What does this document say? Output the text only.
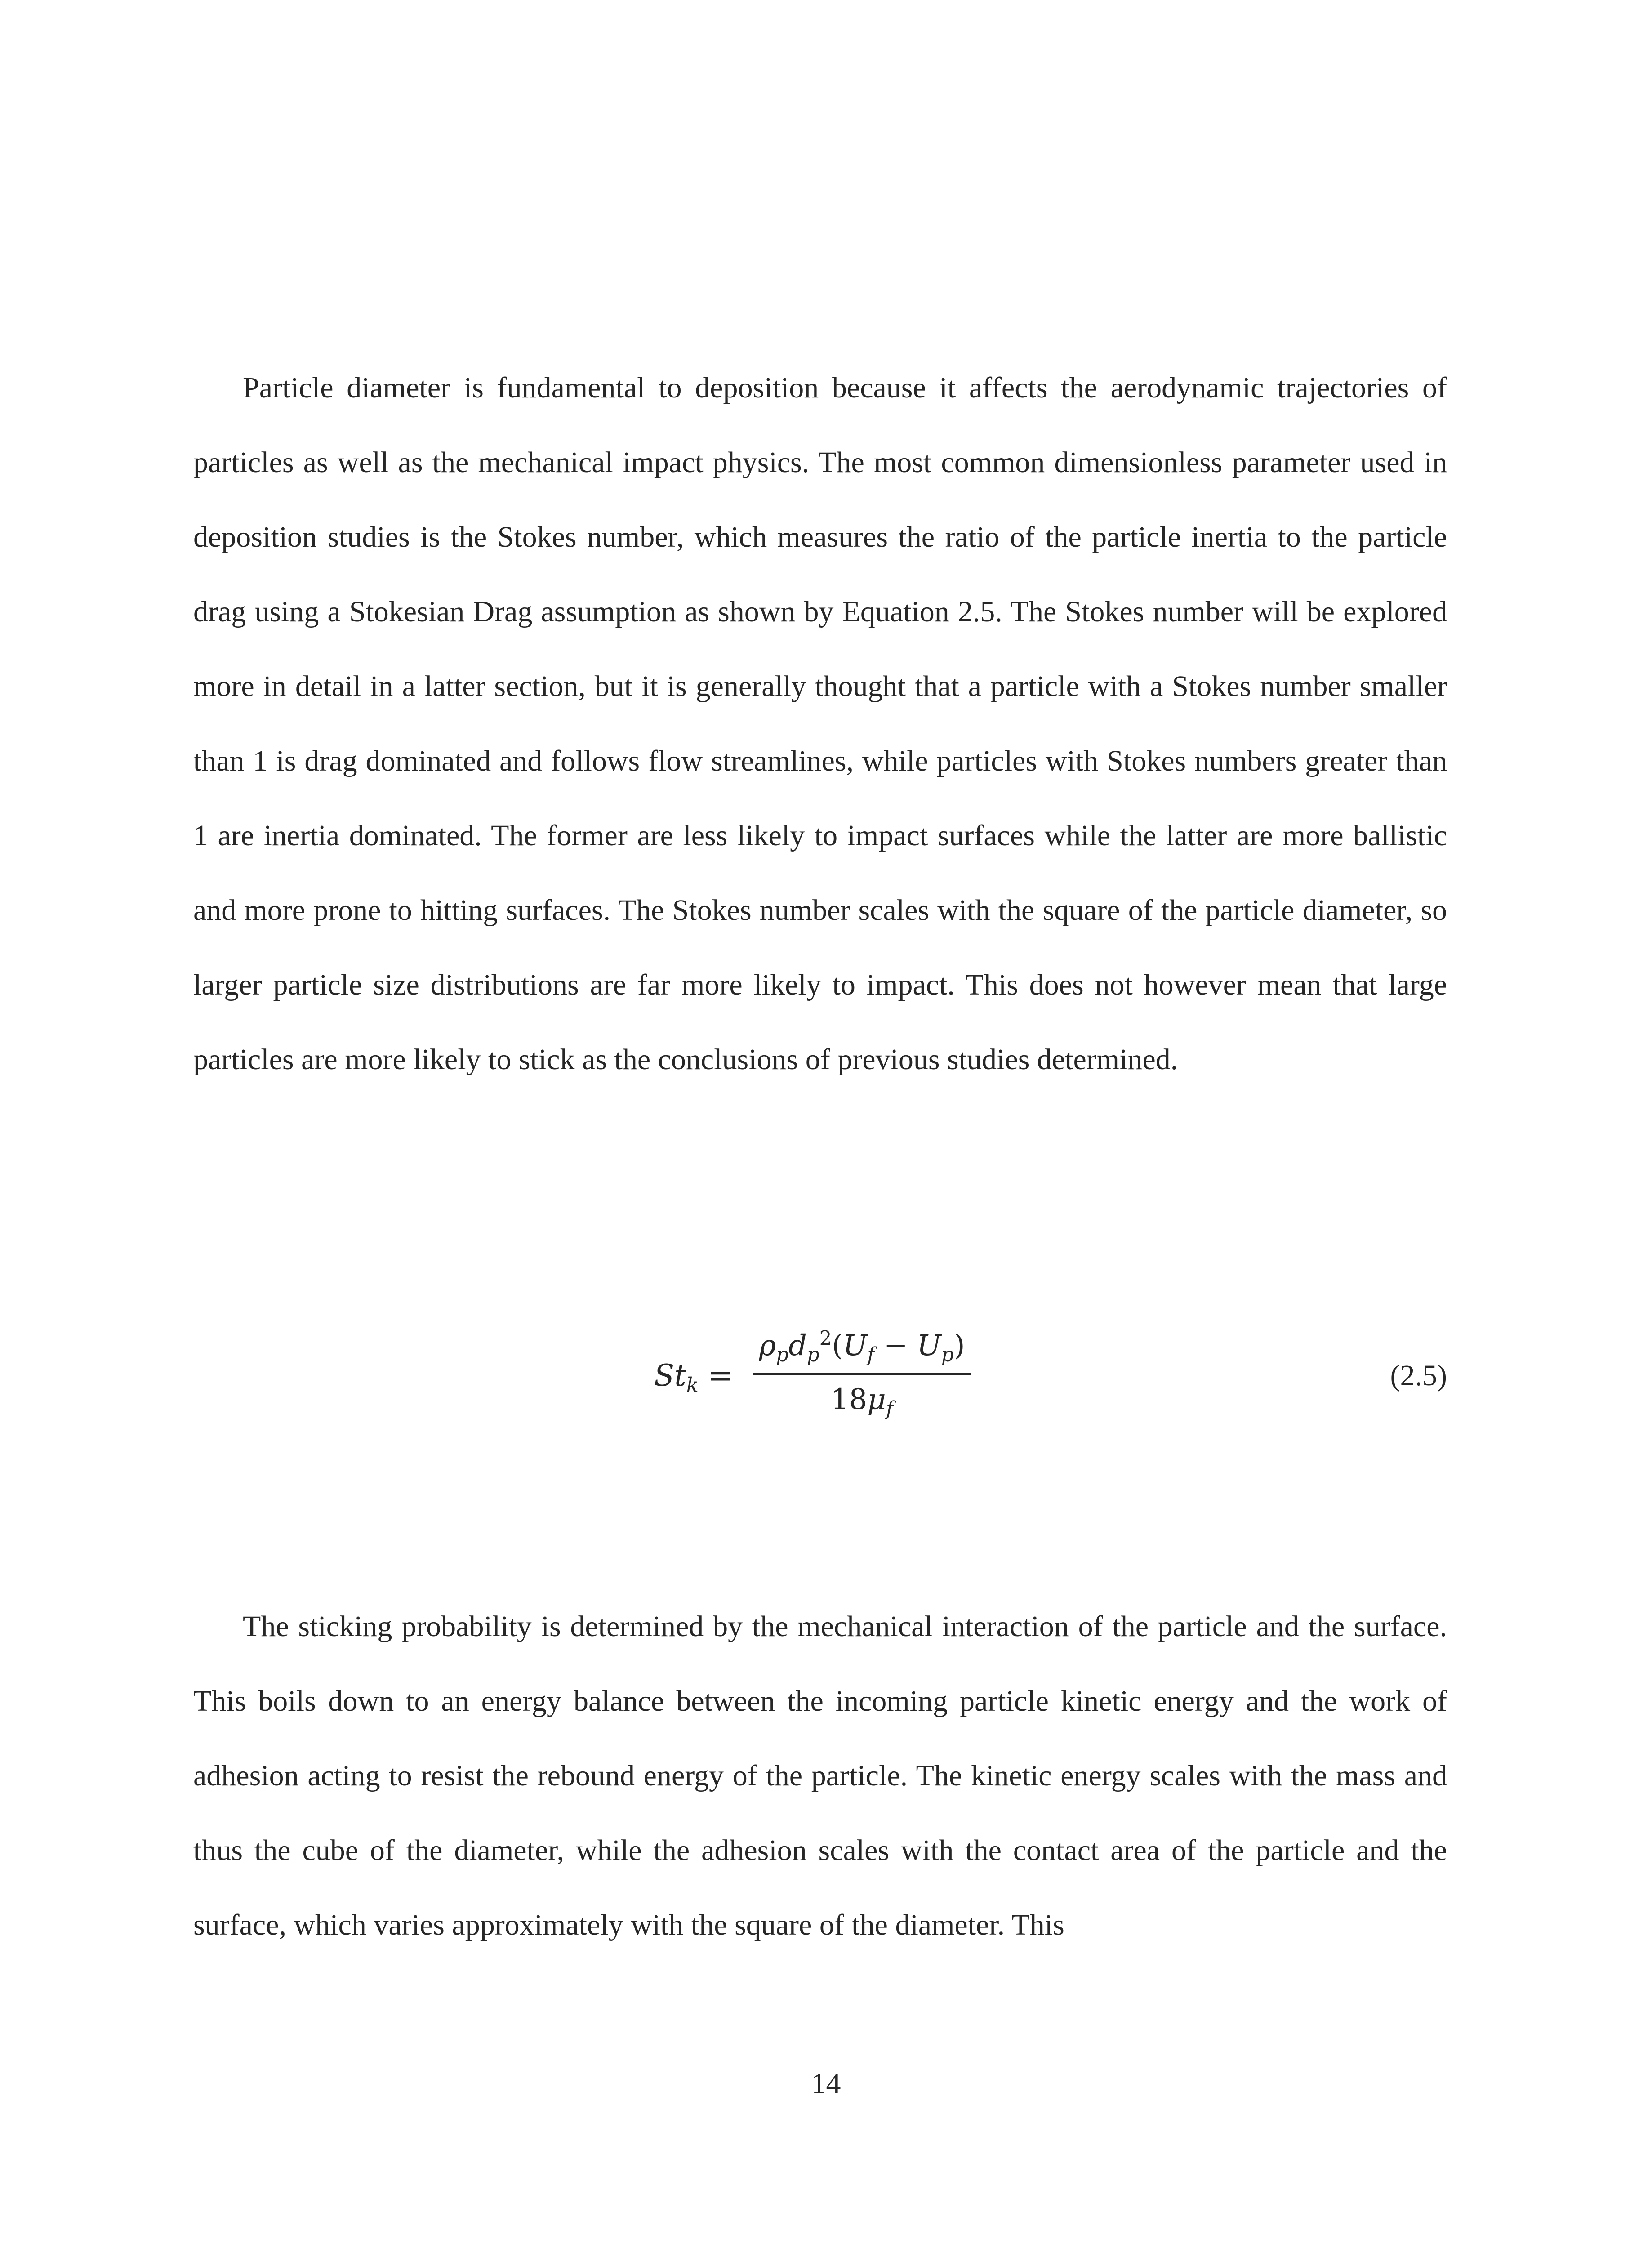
Particle diameter is fundamental to deposition because it affects the aerodynamic trajectories of particles as well as the mechanical impact physics. The most common dimensionless parameter used in deposition studies is the Stokes number, which measures the ratio of the particle inertia to the particle drag using a Stokesian Drag assumption as shown by Equation 2.5. The Stokes number will be explored more in detail in a latter section, but it is generally thought that a particle with a Stokes number smaller than 1 is drag dominated and follows flow streamlines, while particles with Stokes numbers greater than 1 are inertia dominated. The former are less likely to impact surfaces while the latter are more ballistic and more prone to hitting surfaces. The Stokes number scales with the square of the particle diameter, so larger particle size distributions are far more likely to impact. This does not however mean that large particles are more likely to stick as the conclusions of previous studies determined.

$St_k$ =
$\rho_pd_p^2(U_f - U_p)$
$18\mu_f$
(2.5)

The sticking probability is determined by the mechanical interaction of the particle and the surface. This boils down to an energy balance between the incoming particle kinetic energy and the work of adhesion acting to resist the rebound energy of the particle. The kinetic energy scales with the mass and thus the cube of the diameter, while the adhesion scales with the contact area of the particle and the surface, which varies approximately with the square of the diameter. This

14
